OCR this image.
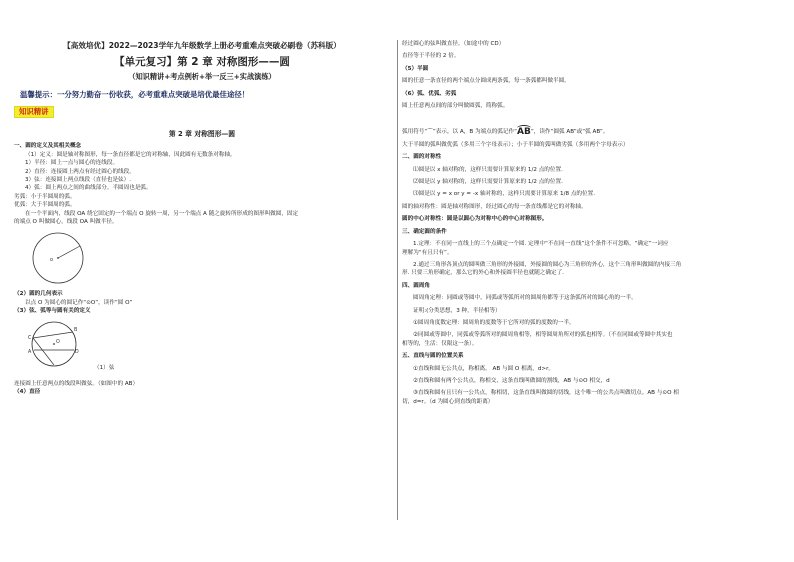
【高效培优】2022—2023学年九年级数学上册必考重难点突破必刷卷（苏科版）

【单元复习】第 2 章 对称图形——圆

（知识精讲+考点例析+举一反三+实战演练）

温馨提示：一分努力勤奋一份收获，必考重难点突破是培优最佳途径！

知识精讲

第 2 章 对称图形—圆

一、圆的定义及其相关概念

（1）定义：圆是轴对称图形，每一条直径都是它的对称轴，因此圆有无数条对称轴。

1）半径：圆上一点与圆心的连线段。

2）直径：连接圆上两点有经过圆心的线段。

3）弦：连接圆上两点线段（直径也是弦）.

4）弧：圆上两点之间的曲线部分。半圆周也是弧。

劣弧：小于半圆周的弧。

优弧：大于半圆周的弧。

在一个平面内，线段 OA 绕它固定的一个端点 O 旋转一周，另一个端点 A 随之旋转所形成的图形叫做圆，固定

的端点 O 叫做圆心，线段 OA 叫做半径。

o

（2）圆的几何表示

以点 O 为圆心的圆记作“⊙O”，读作“圆 O”

（3）弦、弧等与圆有关的定义

B
O
C
A	D
（1）弦

连接圆上任意两点的线段叫做弦。（如图中的 AB）

（4）直径

经过圆心的弦叫做直径。（如途中的 CD）

直径等于半径的 2 倍。

（5）半圆

圆的任意一条直径的两个端点分圆成两条弧，每一条弧都叫做半圆。

（6）弧、优弧、劣弧

圆上任意两点间的部分叫做圆弧，简称弧。

弧用符号“⌒”表示，以 A，B 为端点的弧记作“AB”，读作“圆弧 AB”或“弧 AB”。

大于半圆的弧叫做优弧（多用三个字母表示）；小于半圆的弧叫做劣弧（多用两个字母表示）

二、圆的对称性

⑴圆是以 x 轴对称的，这样只需要计算原来的 1/2 点的位置.

⑵圆是以 y 轴对称的，这样只需要计算原来的 1/2 点的位置.

⑶圆是以 y = x or y = -x 轴对称的，这样只需要计算原来 1/8 点的位置.

圆的轴对称性：圆是轴对称图形，经过圆心的每一条直线都是它的对称轴。

圆的中心对称性：圆是以圆心为对称中心的中心对称图形。

三、确定圆的条件

1.定理：不在同一直线上的三个点确定一个圆. 定理中“不在同一直线”这个条件不可忽略，“确定”一词应

理解为“有且只有”。

2.通过三角形各顶点的圆叫做三角形的外接圆，外接圆的圆心为三角形的外心，这个三角形叫做圆的内接三角

形. 只要三角形确定，那么它的外心和外接圆半径也就随之确定了.

四、圆周角

圆周角定理：同圆或等圆中，同弧或等弧所对的圆周角都等于这条弧所对的圆心角的一半。

证明:(分类思想，3 种，半径相等）

①圆周角度数定理：圆周角的度数等于它所对的弧的度数的一半。

②同圆或等圆中，同弧或等弧所对的圆周角相等，相等圆周角所对的弧也相等。（不在同圆或等圆中其实也

相等的，生活：仅限这一条）。

五、直线与圆的位置关系

①直线和圆无公共点，称相离。 AB 与圆 O 相离，d>r。

②直线和圆有两个公共点，称相交，这条直线叫做圆的割线，AB 与⊙O 相交，d

③直线和圆有且只有一公共点，称相切，这条直线叫做圆的切线，这个唯一的公共点叫做切点。AB 与⊙O 相

切，d=r。（d 为圆心到直线的距离）
